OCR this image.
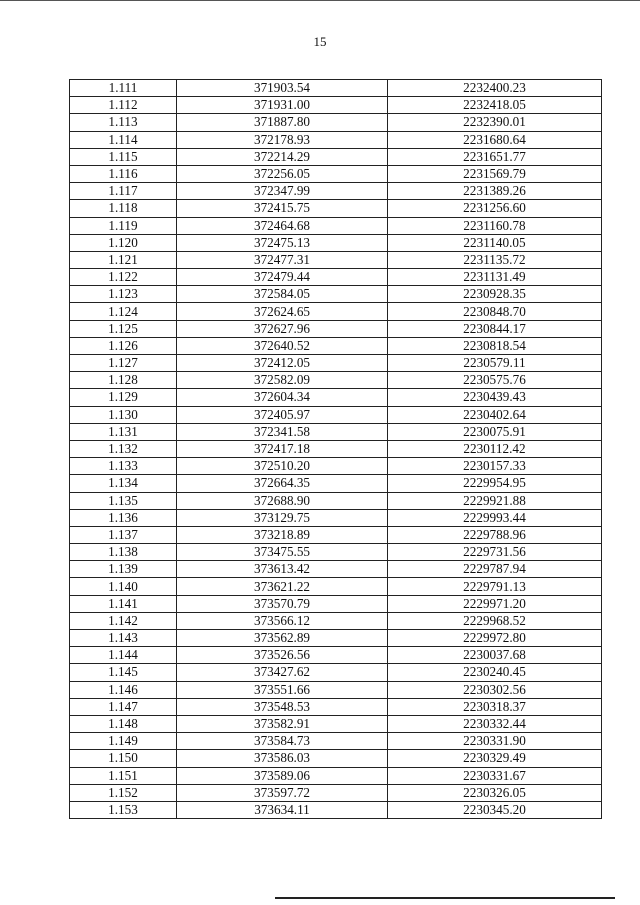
15
1.111	371903.54	2232400.23
1.112	371931.00	2232418.05
1.113	371887.80	2232390.01
1.114	372178.93	2231680.64
1.115	372214.29	2231651.77
1.116	372256.05	2231569.79
1.117	372347.99	2231389.26
1.118	372415.75	2231256.60
1.119	372464.68	2231160.78
1.120	372475.13	2231140.05
1.121	372477.31	2231135.72
1.122	372479.44	2231131.49
1.123	372584.05	2230928.35
1.124	372624.65	2230848.70
1.125	372627.96	2230844.17
1.126	372640.52	2230818.54
1.127	372412.05	2230579.11
1.128	372582.09	2230575.76
1.129	372604.34	2230439.43
1.130	372405.97	2230402.64
1.131	372341.58	2230075.91
1.132	372417.18	2230112.42
1.133	372510.20	2230157.33
1.134	372664.35	2229954.95
1.135	372688.90	2229921.88
1.136	373129.75	2229993.44
1.137	373218.89	2229788.96
1.138	373475.55	2229731.56
1.139	373613.42	2229787.94
1.140	373621.22	2229791.13
1.141	373570.79	2229971.20
1.142	373566.12	2229968.52
1.143	373562.89	2229972.80
1.144	373526.56	2230037.68
1.145	373427.62	2230240.45
1.146	373551.66	2230302.56
1.147	373548.53	2230318.37
1.148	373582.91	2230332.44
1.149	373584.73	2230331.90
1.150	373586.03	2230329.49
1.151	373589.06	2230331.67
1.152	373597.72	2230326.05
1.153	373634.11	2230345.20
